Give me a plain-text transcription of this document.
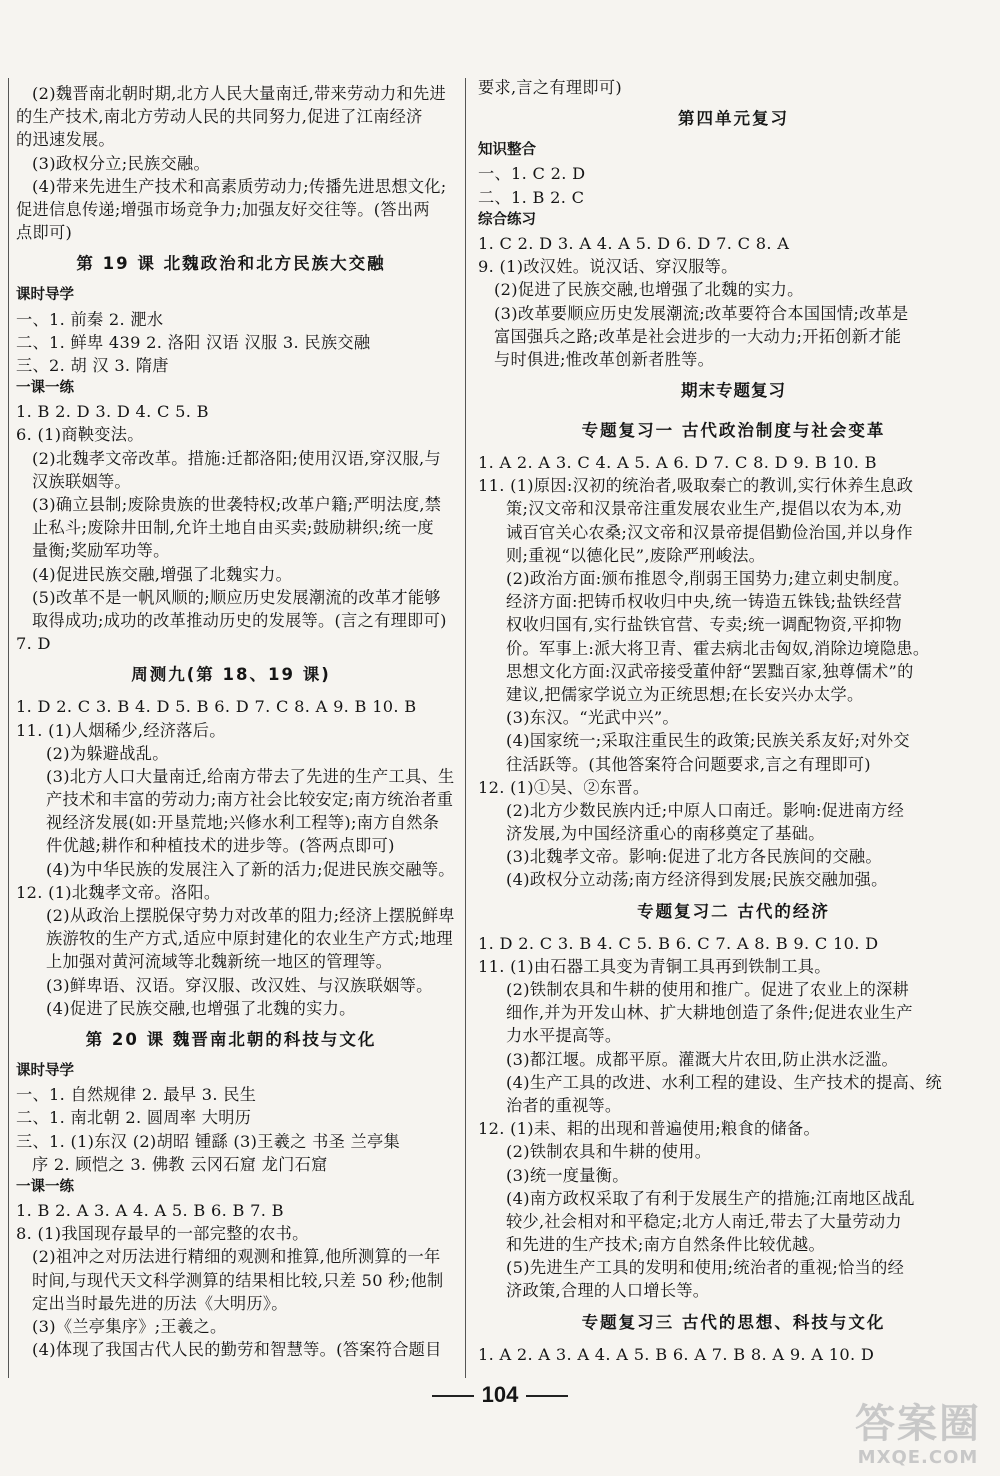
(2)魏晋南北朝时期,北方人民大量南迁,带来劳动力和先进
的生产技术,南北方劳动人民的共同努力,促进了江南经济
的迅速发展。
(3)政权分立;民族交融。
(4)带来先进生产技术和高素质劳动力;传播先进思想文化;
促进信息传递;增强市场竞争力;加强友好交往等。(答出两
点即可)
第 19 课 北魏政治和北方民族大交融
课时导学
一、1. 前秦 2. 淝水
二、1. 鲜卑 439 2. 洛阳 汉语 汉服 3. 民族交融
三、2. 胡 汉 3. 隋唐
一课一练
1. B 2. D 3. D 4. C 5. B
6. (1)商鞅变法。
(2)北魏孝文帝改革。措施:迁都洛阳;使用汉语,穿汉服,与
汉族联姻等。
(3)确立县制;废除贵族的世袭特权;改革户籍;严明法度,禁
止私斗;废除井田制,允许土地自由买卖;鼓励耕织;统一度
量衡;奖励军功等。
(4)促进民族交融,增强了北魏实力。
(5)改革不是一帆风顺的;顺应历史发展潮流的改革才能够
取得成功;成功的改革推动历史的发展等。(言之有理即可)
7. D
周测九(第 18、19 课)
1. D 2. C 3. B 4. D 5. B 6. D 7. C 8. A 9. B 10. B
11. (1)人烟稀少,经济落后。
(2)为躲避战乱。
(3)北方人口大量南迁,给南方带去了先进的生产工具、生
产技术和丰富的劳动力;南方社会比较安定;南方统治者重
视经济发展(如:开垦荒地;兴修水利工程等);南方自然条
件优越;耕作和种植技术的进步等。(答两点即可)
(4)为中华民族的发展注入了新的活力;促进民族交融等。
12. (1)北魏孝文帝。洛阳。
(2)从政治上摆脱保守势力对改革的阻力;经济上摆脱鲜卑
族游牧的生产方式,适应中原封建化的农业生产方式;地理
上加强对黄河流域等北魏新统一地区的管理等。
(3)鲜卑语、汉语。穿汉服、改汉姓、与汉族联姻等。
(4)促进了民族交融,也增强了北魏的实力。
第 20 课 魏晋南北朝的科技与文化
课时导学
一、1. 自然规律 2. 最早 3. 民生
二、1. 南北朝 2. 圆周率 大明历
三、1. (1)东汉 (2)胡昭 锺繇 (3)王羲之 书圣 兰亭集
序 2. 顾恺之 3. 佛教 云冈石窟 龙门石窟
一课一练
1. B 2. A 3. A 4. A 5. B 6. B 7. B
8. (1)我国现存最早的一部完整的农书。
(2)祖冲之对历法进行精细的观测和推算,他所测算的一年
时间,与现代天文科学测算的结果相比较,只差 50 秒;他制
定出当时最先进的历法《大明历》。
(3)《兰亭集序》;王羲之。
(4)体现了我国古代人民的勤劳和智慧等。(答案符合题目
要求,言之有理即可)
第四单元复习
知识整合
一、1. C 2. D
二、1. B 2. C
综合练习
1. C 2. D 3. A 4. A 5. D 6. D 7. C 8. A
9. (1)改汉姓。说汉话、穿汉服等。
(2)促进了民族交融,也增强了北魏的实力。
(3)改革要顺应历史发展潮流;改革要符合本国国情;改革是
富国强兵之路;改革是社会进步的一大动力;开拓创新才能
与时俱进;惟改革创新者胜等。
期末专题复习
专题复习一 古代政治制度与社会变革
1. A 2. A 3. C 4. A 5. A 6. D 7. C 8. D 9. B 10. B
11. (1)原因:汉初的统治者,吸取秦亡的教训,实行休养生息政
策;汉文帝和汉景帝注重发展农业生产,提倡以农为本,劝
诫百官关心农桑;汉文帝和汉景帝提倡勤俭治国,并以身作
则;重视“以德化民”,废除严刑峻法。
(2)政治方面:颁布推恩令,削弱王国势力;建立刺史制度。
经济方面:把铸币权收归中央,统一铸造五铢钱;盐铁经营
权收归国有,实行盐铁官营、专卖;统一调配物资,平抑物
价。军事上:派大将卫青、霍去病北击匈奴,消除边境隐患。
思想文化方面:汉武帝接受董仲舒“罢黜百家,独尊儒术”的
建议,把儒家学说立为正统思想;在长安兴办太学。
(3)东汉。“光武中兴”。
(4)国家统一;采取注重民生的政策;民族关系友好;对外交
往活跃等。(其他答案符合问题要求,言之有理即可)
12. (1)①吴、②东晋。
(2)北方少数民族内迁;中原人口南迁。影响:促进南方经
济发展,为中国经济重心的南移奠定了基础。
(3)北魏孝文帝。影响:促进了北方各民族间的交融。
(4)政权分立动荡;南方经济得到发展;民族交融加强。
专题复习二 古代的经济
1. D 2. C 3. B 4. C 5. B 6. C 7. A 8. B 9. C 10. D
11. (1)由石器工具变为青铜工具再到铁制工具。
(2)铁制农具和牛耕的使用和推广。促进了农业上的深耕
细作,并为开发山林、扩大耕地创造了条件;促进农业生产
力水平提高等。
(3)都江堰。成都平原。灌溉大片农田,防止洪水泛滥。
(4)生产工具的改进、水利工程的建设、生产技术的提高、统
治者的重视等。
12. (1)耒、耜的出现和普遍使用;粮食的储备。
(2)铁制农具和牛耕的使用。
(3)统一度量衡。
(4)南方政权采取了有利于发展生产的措施;江南地区战乱
较少,社会相对和平稳定;北方人南迁,带去了大量劳动力
和先进的生产技术;南方自然条件比较优越。
(5)先进生产工具的发明和使用;统治者的重视;恰当的经
济政策,合理的人口增长等。
专题复习三 古代的思想、科技与文化
1. A 2. A 3. A 4. A 5. B 6. A 7. B 8. A 9. A 10. D
104
答案圈
MXQE.COM
